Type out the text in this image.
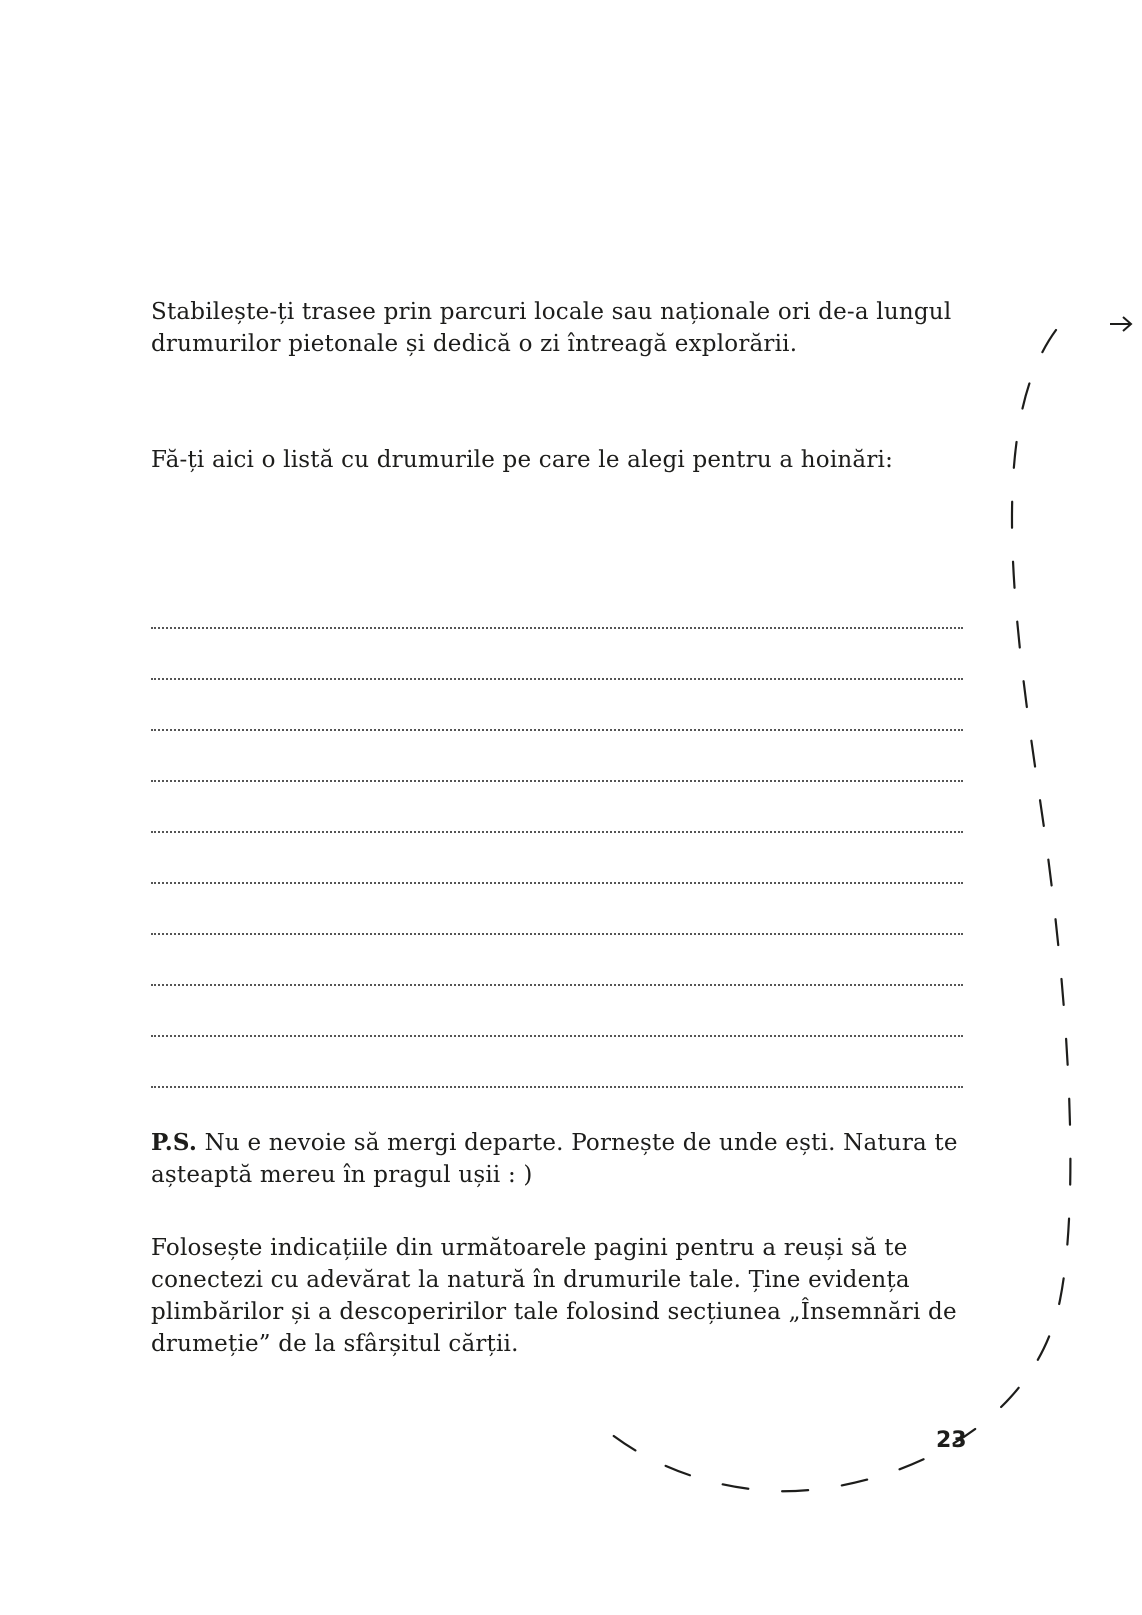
Stabilește-ți trasee prin parcuri locale sau naționale ori de-a lungul drumurilor pietonale și dedică o zi întreagă explorării.

Fă-ți aici o listă cu drumurile pe care le alegi pentru a hoinări:

P.S. Nu e nevoie să mergi departe. Pornește de unde ești. Natura te așteaptă mereu în pragul ușii : )

Folosește indicațiile din următoarele pagini pentru a reuși să te conectezi cu adevărat la natură în drumurile tale. Ține evidența plimbărilor și a descoperirilor tale folosind secțiunea „Însemnări de drumeție” de la sfârșitul cărții.

23
